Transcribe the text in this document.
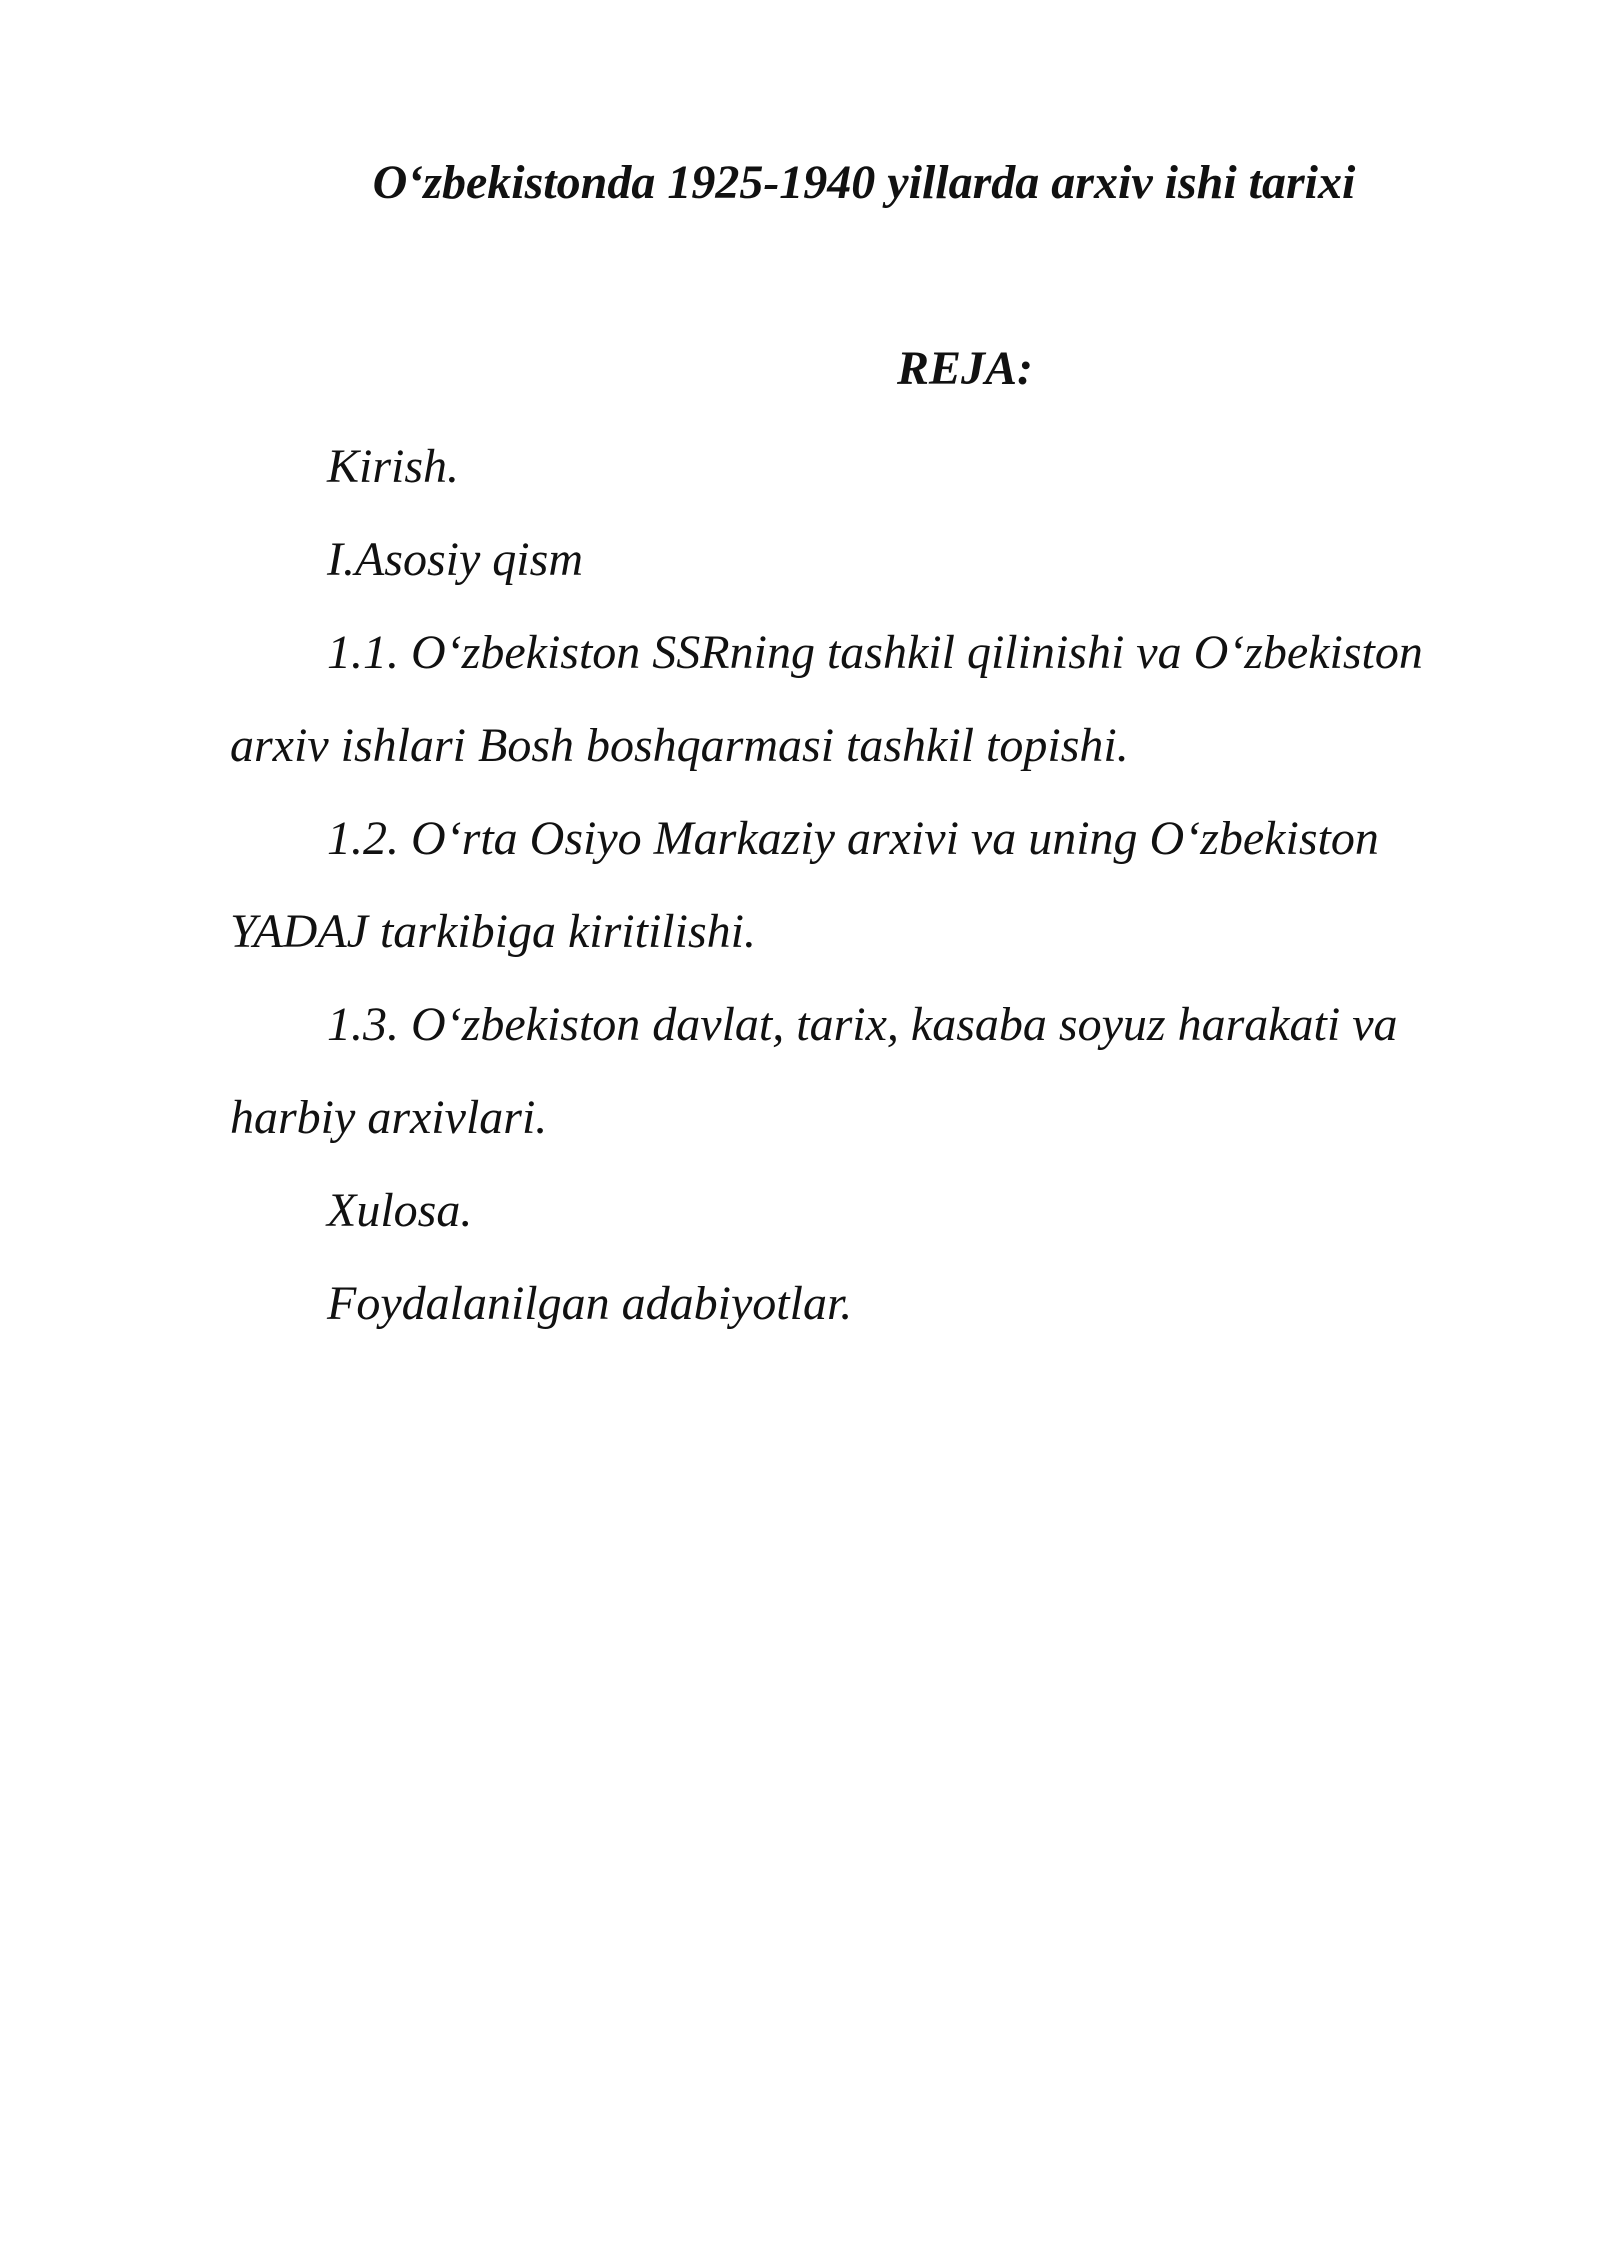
O‘zbekistonda 1925-1940 yillarda arxiv ishi tarixi
REJA:
Kirish.
I.Asosiy qism
1.1. O‘zbekiston SSRning tashkil qilinishi va O‘zbekiston arxiv ishlari Bosh boshqarmasi tashkil topishi.
1.2. O‘rta Osiyo Markaziy arxivi va uning O‘zbekiston YADAJ tarkibiga kiritilishi.
1.3. O‘zbekiston davlat, tarix, kasaba soyuz harakati va harbiy arxivlari.
Xulosa.
Foydalanilgan adabiyotlar.
